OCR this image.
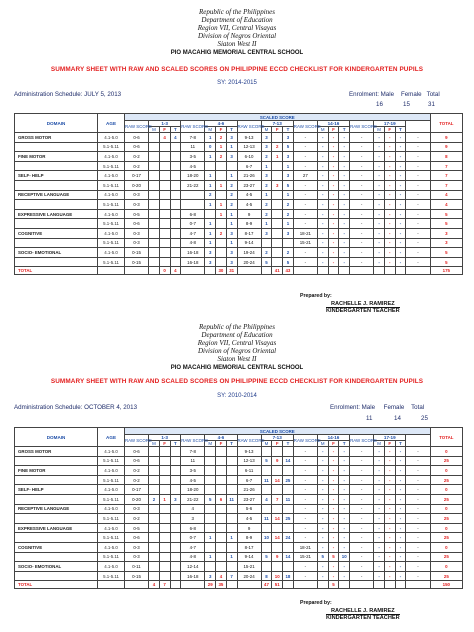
Republic of the Philippines
Department of Education
Region VII, Central Visayas
Division of Negros Oriental
Siaton West II
PIO MACAHIG MEMORIAL CENTRAL SCHOOL
SUMMARY SHEET WITH RAW AND SCALED SCORES ON PHILIPPINE ECCD CHECKLIST FOR KINDERGARTEN PUPILS
SY: 2014-2015
Administration Schedule: JULY 5, 2013	Enrolment: Male Female Total
16	15	31
DOMAIN	AGE	SCALED SCORE																					TOTAL
		RAW SCORE	1-3			RAW SCORE	4-6			RAW SCORE	7-13			RAW SCORE	14-16			RAW SCORE	17-19				
			M	F	T		M	F	T		M	F	T		M	F	T		M	F	T		
GROSS MOTOR	4.1-5.0	0-6		4	4	7-8	1	2	3	9-13	3		3	-	-	-	-	-	-	-	-	-	9
	5.1-5.11	0-6				11	0	1	1	12-13	3	2	5	-	-	-	-	-	-	-	-	-	9
FINE MOTOR	4.1-5.0	0-2				3-5	1	2	3	6-10	2	1	3	-	-	-	-	-	-	-	-	-	8
	5.1-5.11	0-2				4-5				6-7	1		1	-	-	-	-	-	-	-	-	-	7
SELF- HELP	4.1-5.0	0-17				18-20	1		1	21-26	3		3	27	-	-	-	-	-	-	-	-	7
	5.1-5.11	0-20				21-22	1	1	2	23-27	2	3	5	-	-	-	-	-	-	-	-	-	7
RECEPTIVE LANGUAGE	4.1-5.0	0-3					2		2	4-5	1		1	-	-	-	-	-	-	-	-	-	4
	5.1-5.11	0-3					1	1	2	4-5	2		2	-	-	-	-	-	-	-	-	-	4
EXPRESSIVE LANGUAGE	4.1-5.0	0-5				6-8		1	1	9	2		2	-	-	-	-	-	-	-	-	-	5
	5.1-5.11	0-6				0-7	1		1	8-9	1		1	-	-	-	-	-	-	-	-	-	5
COGNITIVE	4.1-5.0	0-3				4-7	1	2	3	8-17	3		3	18-21	-	-	-	-	-	-	-	-	3
	5.1-5.11	0-3				4-8	1		1	9-14				15-21	-	-	-	-	-	-	-	-	3
SOCIO- EMOTIONAL	4.1-5.0	0-15				16-18	3		3	19-24	2		2	-	-	-	-	-	-	-	-	-	5
	5.1-5.11	0-15				16-18	3		3	20-24	5		5	-	-	-	-	-	-	-	-	-	5
TOTAL				0	4			30	31			41	43										175
Prepared by:
RACHELLE J. RAMIREZ
KINDERGARTEN TEACHER
Republic of the Philippines
Department of Education
Region VII, Central Visayas
Division of Negros Oriental
Siaton West II
PIO MACAHIG MEMORIAL CENTRAL SCHOOL
SUMMARY SHEET WITH RAW AND SCALED SCORES ON PHILIPPINE ECCD CHECKLIST FOR KINDERGARTEN PUPILS
SY: 2010-2014
Administration Schedule: OCTOBER 4, 2013	Enrolment: Male Female Total
11	14	25
DOMAIN	AGE	SCALED SCORE																					TOTAL
		RAW SCORE	1-3			RAW SCORE	4-6			RAW SCORE	7-13			RAW SCORE	14-16			RAW SCORE	17-19				
			M	F	T		M	F	T		M	F	T		M	F	T		M	F	T		
GROSS MOTOR	4.1-5.0	0-6				7-8				9-13				-	-	-	-	-	-	-	-	-	0
	5.1-5.11	0-6				11				12-13	5	9	14	-	-	-	-	-	-	-	-	-	25
FINE MOTOR	4.1-5.0	0-2				3-5				6-11				-	-	-	-	-	-	-	-	-	0
	5.1-5.11	0-2				4-5				6-7	11	14	25	-	-	-	-	-	-	-	-	-	25
SELF- HELP	4.1-5.0	0-17				18-20				21-26				-	-	-	-	-	-	-	-	-	0
	5.1-5.11	0-20	2	1	3	21-22	5	6	11	23-27	4	7	11	-	-	-	-	-	-	-	-	-	25
RECEPTIVE LANGUAGE	4.1-5.0	0-3				4				5-6				-	-	-	-	-	-	-	-	-	0
	5.1-5.11	0-2				3				4-5	11	14	25	-	-	-	-	-	-	-	-	-	25
EXPRESSIVE LANGUAGE	4.1-5.0	0-5				6-8				9				-	-	-	-	-	-	-	-	-	0
	5.1-5.11	0-6				0-7	1		1	8-9	10	14	24	-	-	-	-	-	-	-	-	-	25
COGNITIVE	4.1-5.0	0-3				4-7				8-17				18-21	-	-	-	-	-	-	-	-	0
	5.1-5.11	0-3				4-8	1		1	9-14	5	9	14	15-21	5	5	10	-	-	-	-	-	25
SOCIO- EMOTIONAL	4.1-5.0	0-11				12-14				15-21				-	-	-	-	-	-	-	-	-	0
	5.1-5.11	0-15				16-18	3	4	7	20-24	8	10	18	-	-	-	-	-	-	-	-	-	25
TOTAL			4	7			29	35			47	51				5							150
Prepared by:
RACHELLE J. RAMIREZ
KINDERGARTEN TEACHER
